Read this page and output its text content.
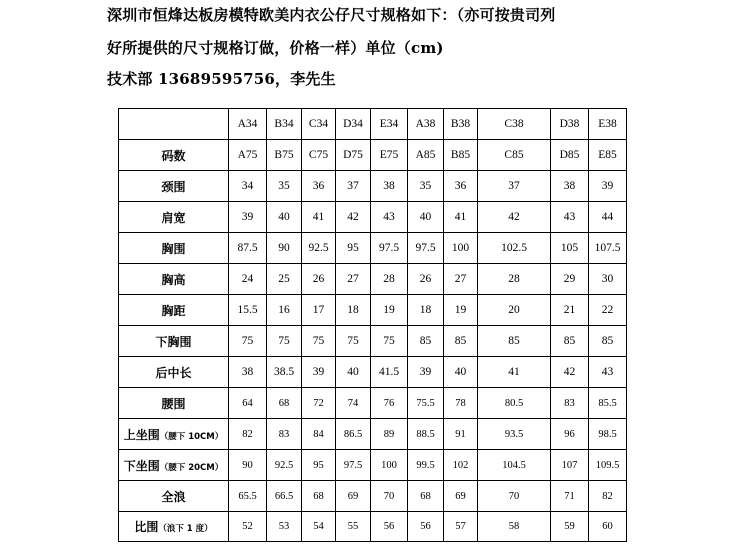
深圳市恒烽达板房模特欧美内衣公仔尺寸规格如下：（亦可按贵司列
好所提供的尺寸规格订做，价格一样）单位（cm)
技术部 13689595756，李先生
	A34	B34	C34	D34	E34	A38	B38	C38	D38	E38
码数	A75	B75	C75	D75	E75	A85	B85	C85	D85	E85
颈围	34	35	36	37	38	35	36	37	38	39
肩宽	39	40	41	42	43	40	41	42	43	44
胸围	87.5	90	92.5	95	97.5	97.5	100	102.5	105	107.5
胸高	24	25	26	27	28	26	27	28	29	30
胸距	15.5	16	17	18	19	18	19	20	21	22
下胸围	75	75	75	75	75	85	85	85	85	85
后中长	38	38.5	39	40	41.5	39	40	41	42	43
腰围	64	68	72	74	76	75.5	78	80.5	83	85.5
上坐围（腰下 10CM）	82	83	84	86.5	89	88.5	91	93.5	96	98.5
下坐围（腰下 20CM）	90	92.5	95	97.5	100	99.5	102	104.5	107	109.5
全浪	65.5	66.5	68	69	70	68	69	70	71	82
比围（浪下 1 度）	52	53	54	55	56	56	57	58	59	60
